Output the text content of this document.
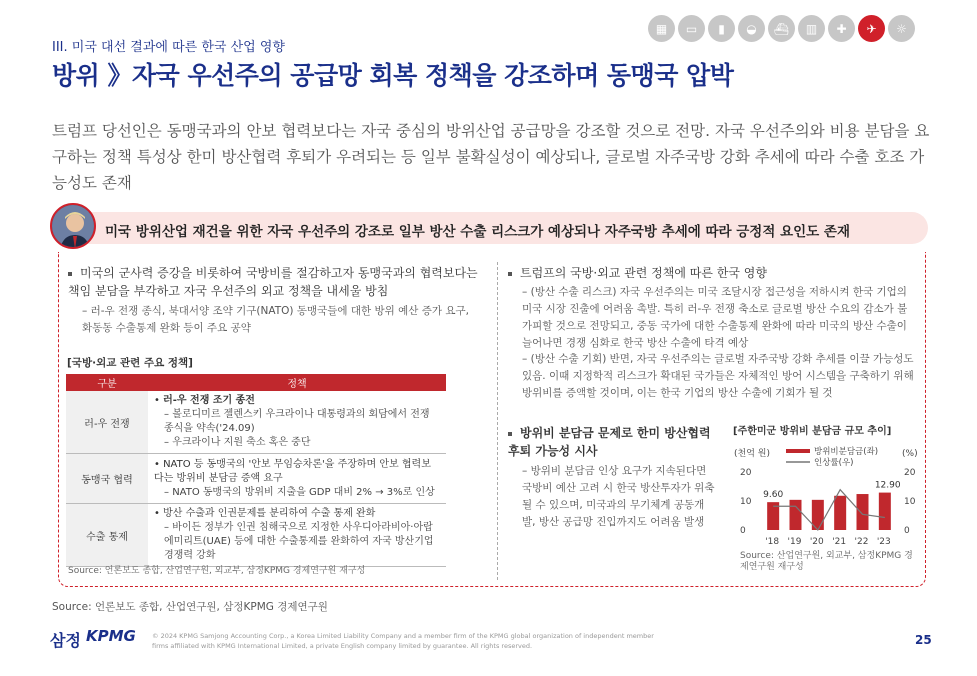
III. 미국 대선 결과에 따른 한국 산업 영향
▦	▭	▮	◒	⛴	▥	✚	✈	☼
방위 》자국 우선주의 공급망 회복 정책을 강조하며 동맹국 압박
트럼프 당선인은 동맹국과의 안보 협력보다는 자국 중심의 방위산업 공급망을 강조할 것으로 전망. 자국 우선주의와 비용 분담을 요구하는 정책 특성상 한미 방산협력 후퇴가 우려되는 등 일부 불확실성이 예상되나, 글로벌 자주국방 강화 추세에 따라 수출 호조 가능성도 존재
미국 방위산업 재건을 위한 자국 우선주의 강조로 일부 방산 수출 리스크가 예상되나 자주국방 추세에 따라 긍정적 요인도 존재
미국의 군사력 증강을 비롯하여 국방비를 절감하고자 동맹국과의 협력보다는 책임 분담을 부각하고 자국 우선주의 외교 정책을 내세울 방침
– 러-우 전쟁 종식, 북대서양 조약 기구(NATO) 동맹국들에 대한 방위 예산 증가 요구, 화동동 수출통제 완화 등이 주요 공약
[국방·외교 관련 주요 정책]
구분	정책
러-우 전쟁	• 러-우 전쟁 조기 종전
– 볼로디미르 젤렌스키 우크라이나 대통령과의 회담에서 전쟁 종식을 약속('24.09)
– 우크라이나 지원 축소 혹은 중단

동맹국 협력	• NATO 등 동맹국의 '안보 무임승차론'을 주장하며 안보 협력보다는 방위비 분담금 증액 요구
– NATO 동맹국의 방위비 지출을 GDP 대비 2% → 3%로 인상

수출 통제	• 방산 수출과 인권문제를 분리하여 수출 통제 완화
– 바이든 정부가 인권 침해국으로 지정한 사우디아라비아·아랍에미리트(UAE) 등에 대한 수출통제를 완화하여 자국 방산기업 경쟁력 강화
Source: 언론보도 종합, 산업연구원, 외교부, 삼정KPMG 경제연구원 재구성
트럼프의 국방·외교 관련 정책에 따른 한국 영향
– (방산 수출 리스크) 자국 우선주의는 미국 조달시장 접근성을 저하시켜 한국 기업의 미국 시장 진출에 어려움 촉발. 특히 러-우 전쟁 축소로 글로벌 방산 수요의 감소가 불가피할 것으로 전망되고, 중동 국가에 대한 수출통제 완화에 따라 미국의 방산 수출이 늘어나면 경쟁 심화로 한국 방산 수출에 타격 예상
– (방산 수출 기회) 반면, 자국 우선주의는 글로벌 자주국방 강화 추세를 이끌 가능성도 있음. 이때 지정학적 리스크가 확대된 국가들은 자체적인 방어 시스템을 구축하기 위해 방위비를 증액할 것이며, 이는 한국 기업의 방산 수출에 기회가 될 것
방위비 분담금 문제로 한미 방산협력 후퇴 가능성 시사
– 방위비 분담금 인상 요구가 지속된다면 국방비 예산 고려 시 한국 방산투자가 위축될 수 있으며, 미국과의 무기체계 공동개발, 방산 공급망 진입까지도 어려움 발생
[주한미군 방위비 분담금 규모 추이]
(천억 원)	(%)
방위비분담금(좌)
인상률(우)
20
10
0
20
10
0
9.60
12.90
'18 '19 '20 '21 '22 '23
Source: 산업연구원, 외교부, 삼정KPMG 경제연구원 재구성
Source: 언론보도 종합, 산업연구원, 삼정KPMG 경제연구원
삼정 KPMG © 2024 KPMG Samjong Accounting Corp., a Korea Limited Liability Company and a member firm of the KPMG global organization of independent member firms affiliated with KPMG International Limited, a private English company limited by guarantee. All rights reserved.	25
